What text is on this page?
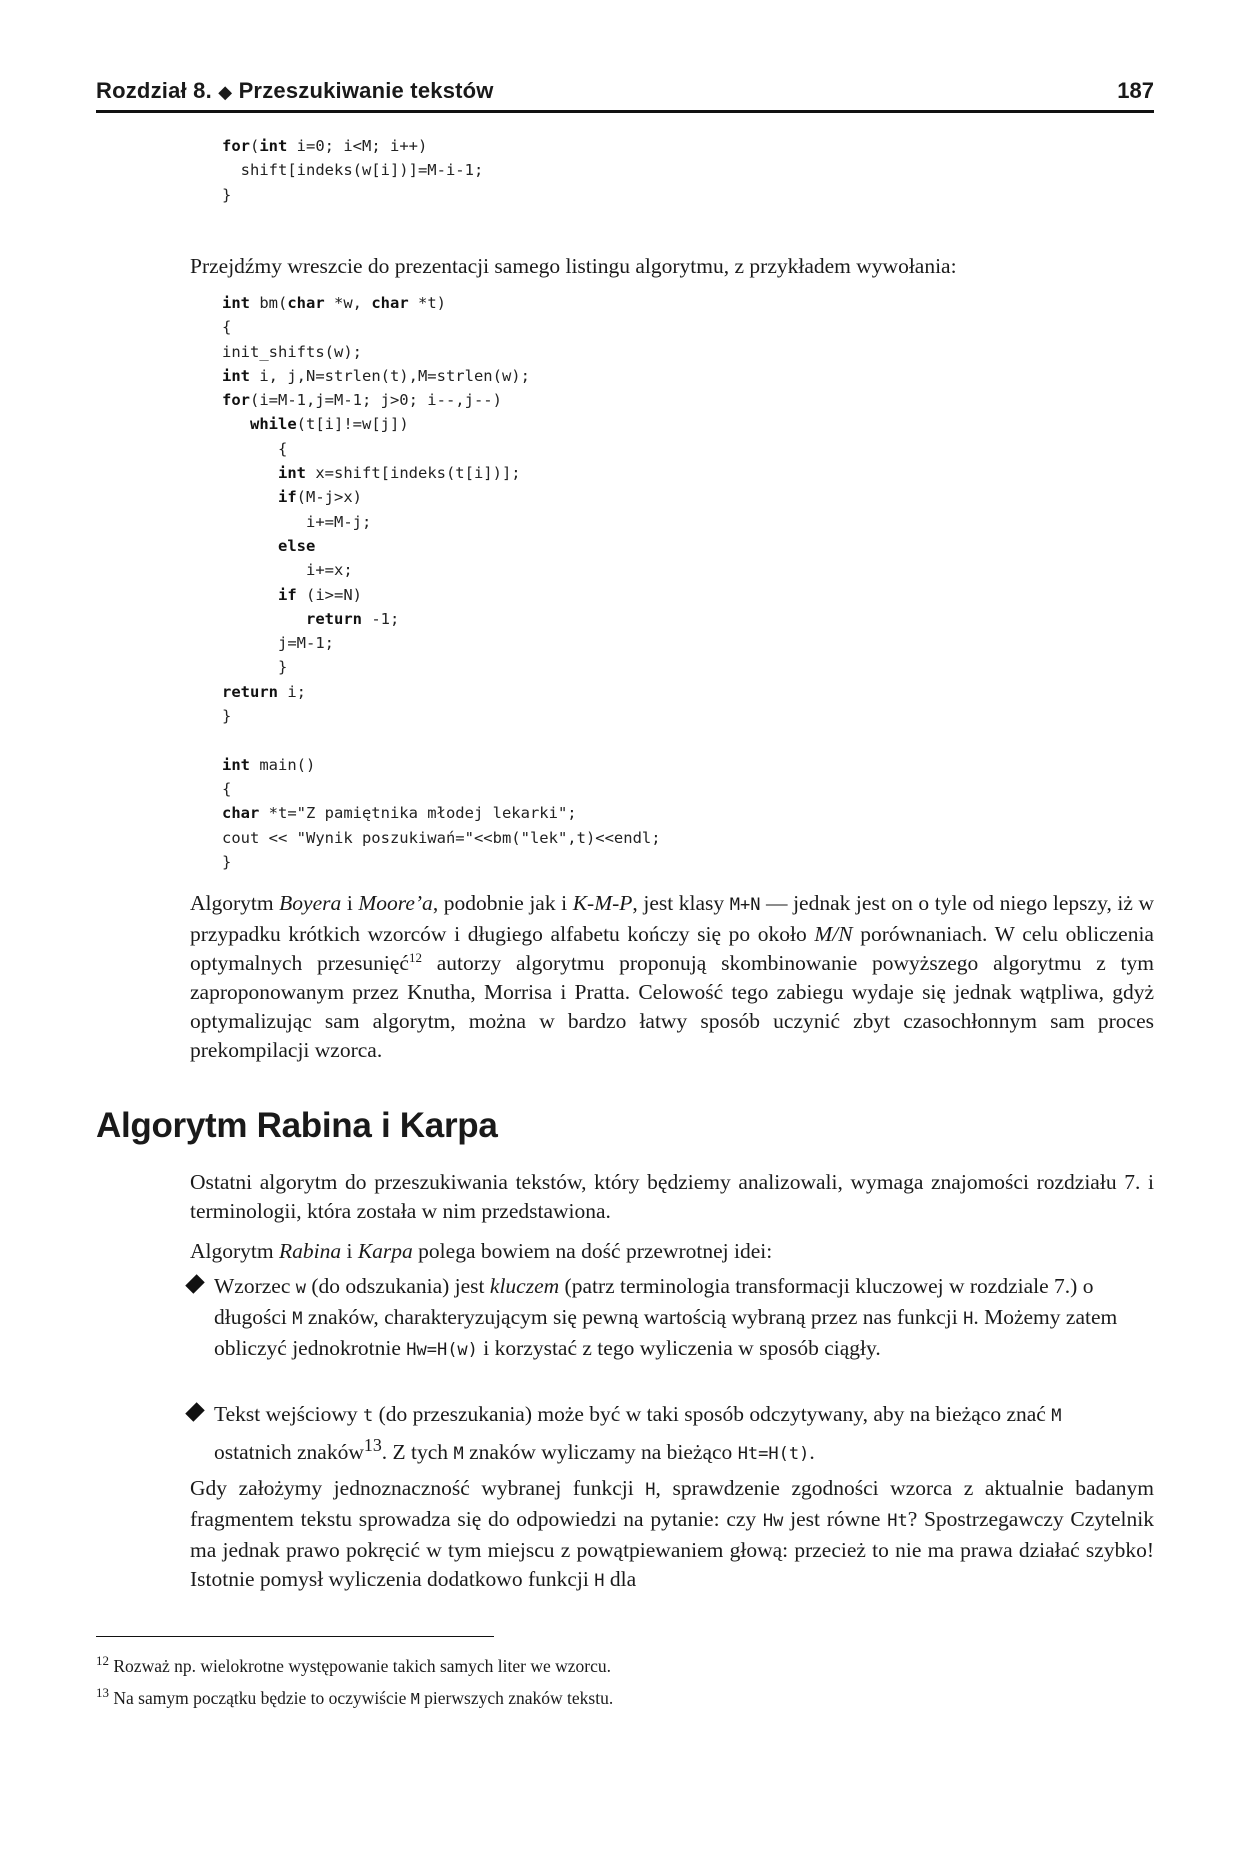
Rozdział 8. ◆ Przeszukiwanie tekstów	187
for(int i=0; i<M; i++)
shift[indeks(w[i])]=M-i-1;
}
Przejdźmy wreszcie do prezentacji samego listingu algorytmu, z przykładem wywołania:
int bm(char *w, char *t)
{
init_shifts(w);
int i, j,N=strlen(t),M=strlen(w);
for(i=M-1,j=M-1; j>0; i--,j--)
while(t[i]!=w[j])
{
int x=shift[indeks(t[i])];
if(M-j>x)
i+=M-j;
else
i+=x;
if (i>=N)
return -1;
j=M-1;
}
return i;
}

int main()
{
char *t="Z pamiętnika młodej lekarki";
cout << "Wynik poszukiwań="<<bm("lek",t)<<endl;
}
Algorytm Boyera i Moore’a, podobnie jak i K-M-P, jest klasy M+N — jednak jest on o tyle od niego lepszy, iż w przypadku krótkich wzorców i długiego alfabetu kończy się po około M/N porównaniach. W celu obliczenia optymalnych przesunięć$^{12}$ autorzy algorytmu proponują skombinowanie powyższego algorytmu z tym zaproponowanym przez Knutha, Morrisa i Pratta. Celowość tego zabiegu wydaje się jednak wątpliwa, gdyż optymalizując sam algorytm, można w bardzo łatwy sposób uczynić zbyt czasochłonnym sam proces prekompilacji wzorca.
Algorytm Rabina i Karpa
Ostatni algorytm do przeszukiwania tekstów, który będziemy analizowali, wymaga znajomości rozdziału 7. i terminologii, która została w nim przedstawiona.
Algorytm Rabina i Karpa polega bowiem na dość przewrotnej idei:
Wzorzec w (do odszukania) jest kluczem (patrz terminologia transformacji kluczowej w rozdziale 7.) o długości M znaków, charakteryzującym się pewną wartością wybraną przez nas funkcji H. Możemy zatem obliczyć jednokrotnie Hw=H(w) i korzystać z tego wyliczenia w sposób ciągły.
Tekst wejściowy t (do przeszukania) może być w taki sposób odczytywany, aby na bieżąco znać M ostatnich znaków$^{13}$. Z tych M znaków wyliczamy na bieżąco Ht=H(t).
Gdy założymy jednoznaczność wybranej funkcji H, sprawdzenie zgodności wzorca z aktualnie badanym fragmentem tekstu sprowadza się do odpowiedzi na pytanie: czy Hw jest równe Ht? Spostrzegawczy Czytelnik ma jednak prawo pokręcić w tym miejscu z powątpiewaniem głową: przecież to nie ma prawa działać szybko! Istotnie pomysł wyliczenia dodatkowo funkcji H dla
$^{12}$ Rozważ np. wielokrotne występowanie takich samych liter we wzorcu.
$^{13}$ Na samym początku będzie to oczywiście M pierwszych znaków tekstu.
